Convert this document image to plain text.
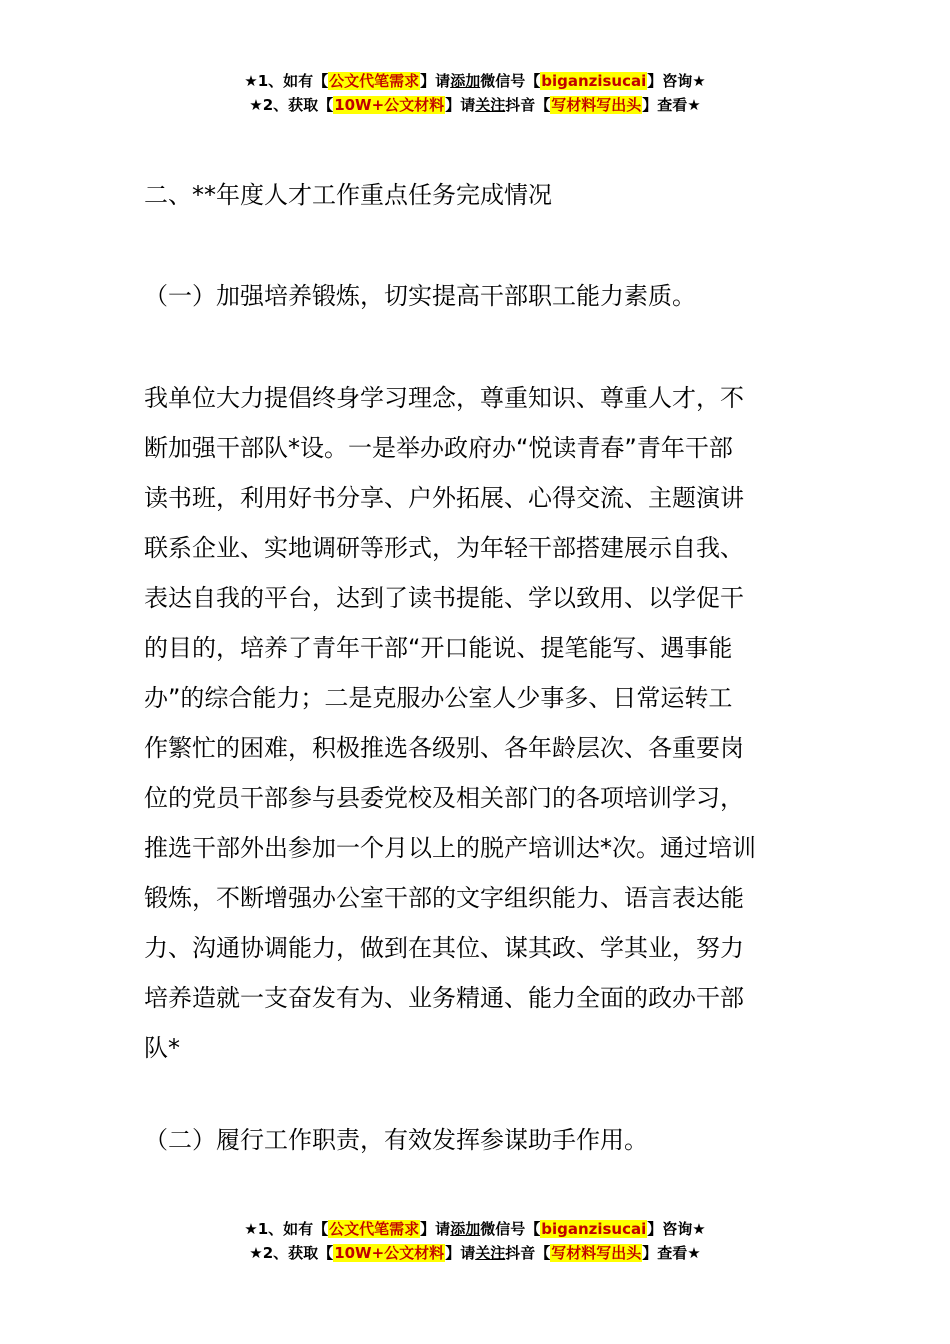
★1、如有【公文代笔需求】请添加微信号【biganzisucai】咨询★
★2、获取【10W+公文材料】请关注抖音【写材料写出头】查看★
二、**年度人才工作重点任务完成情况
（一）加强培养锻炼，切实提高干部职工能力素质。
我单位大力提倡终身学习理念，尊重知识、尊重人才，不
断加强干部队*设。一是举办政府办“悦读青春”青年干部
读书班，利用好书分享、户外拓展、心得交流、主题演讲
联系企业、实地调研等形式，为年轻干部搭建展示自我、
表达自我的平台，达到了读书提能、学以致用、以学促干
的目的，培养了青年干部“开口能说、提笔能写、遇事能
办”的综合能力；二是克服办公室人少事多、日常运转工
作繁忙的困难，积极推选各级别、各年龄层次、各重要岗
位的党员干部参与县委党校及相关部门的各项培训学习，
推选干部外出参加一个月以上的脱产培训达*次。通过培训
锻炼，不断增强办公室干部的文字组织能力、语言表达能
力、沟通协调能力，做到在其位、谋其政、学其业，努力
培养造就一支奋发有为、业务精通、能力全面的政办干部
队*
（二）履行工作职责，有效发挥参谋助手作用。
★1、如有【公文代笔需求】请添加微信号【biganzisucai】咨询★
★2、获取【10W+公文材料】请关注抖音【写材料写出头】查看★
